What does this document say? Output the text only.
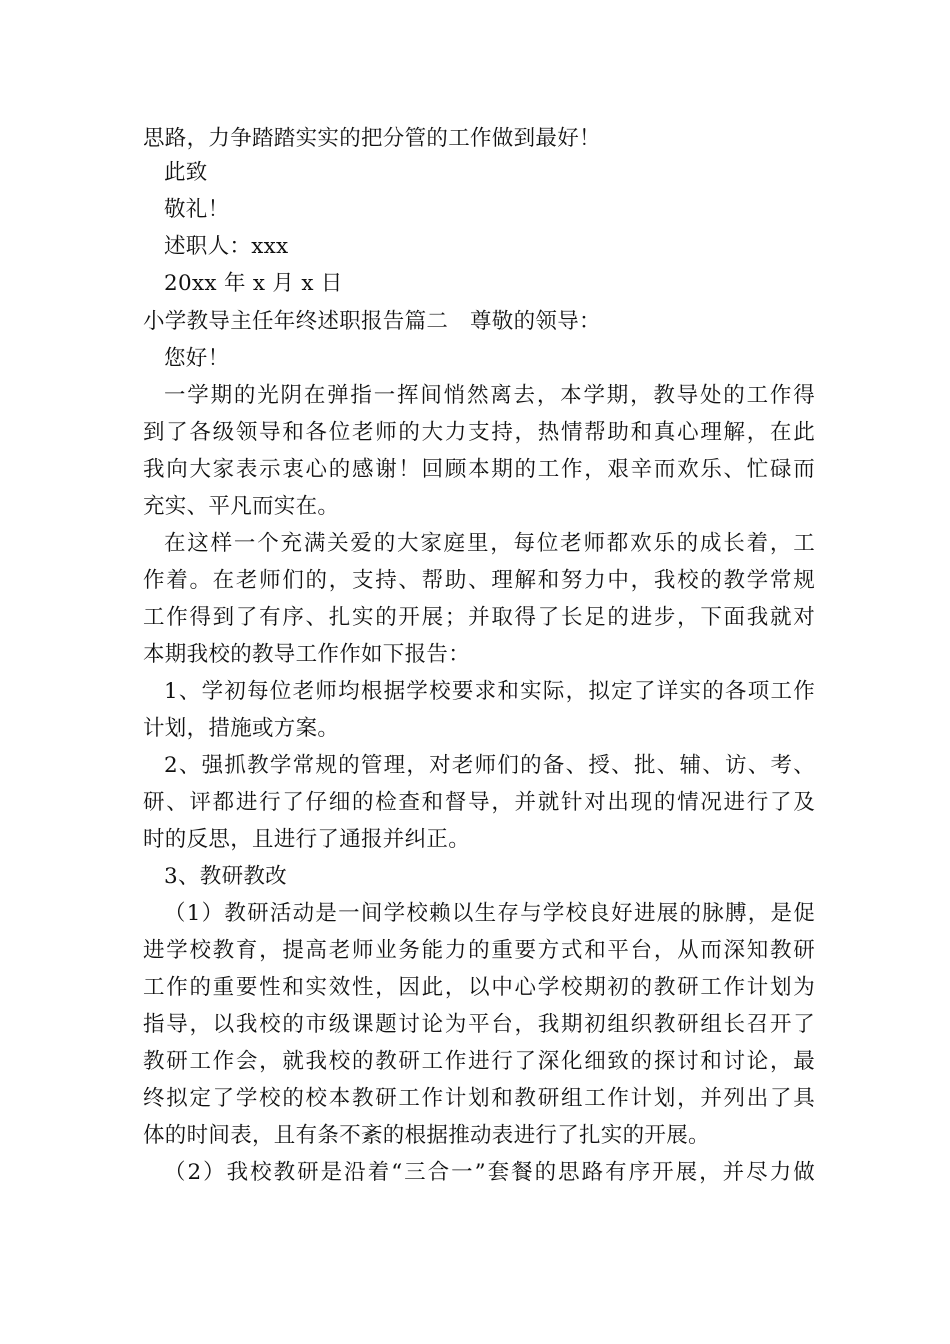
思路，力争踏踏实实的把分管的工作做到最好！
此致
敬礼！
述职人：xxx
20xx 年 x 月 x 日
小学教导主任年终述职报告篇二　尊敬的领导：
您好！
一学期的光阴在弹指一挥间悄然离去，本学期，教导处的工作得
到了各级领导和各位老师的大力支持，热情帮助和真心理解，在此
我向大家表示衷心的感谢！回顾本期的工作，艰辛而欢乐、忙碌而
充实、平凡而实在。
在这样一个充满关爱的大家庭里，每位老师都欢乐的成长着，工
作着。在老师们的，支持、帮助、理解和努力中，我校的教学常规
工作得到了有序、扎实的开展；并取得了长足的进步，下面我就对
本期我校的教导工作作如下报告：
1、学初每位老师均根据学校要求和实际，拟定了详实的各项工作
计划，措施或方案。
2、强抓教学常规的管理，对老师们的备、授、批、辅、访、考、
研、评都进行了仔细的检查和督导，并就针对出现的情况进行了及
时的反思，且进行了通报并纠正。
3、教研教改
（1）教研活动是一间学校赖以生存与学校良好进展的脉膊，是促
进学校教育，提高老师业务能力的重要方式和平台，从而深知教研
工作的重要性和实效性，因此，以中心学校期初的教研工作计划为
指导，以我校的市级课题讨论为平台，我期初组织教研组长召开了
教研工作会，就我校的教研工作进行了深化细致的探讨和讨论，最
终拟定了学校的校本教研工作计划和教研组工作计划，并列出了具
体的时间表，且有条不紊的根据推动表进行了扎实的开展。
（2）我校教研是沿着“三合一”套餐的思路有序开展，并尽力做
